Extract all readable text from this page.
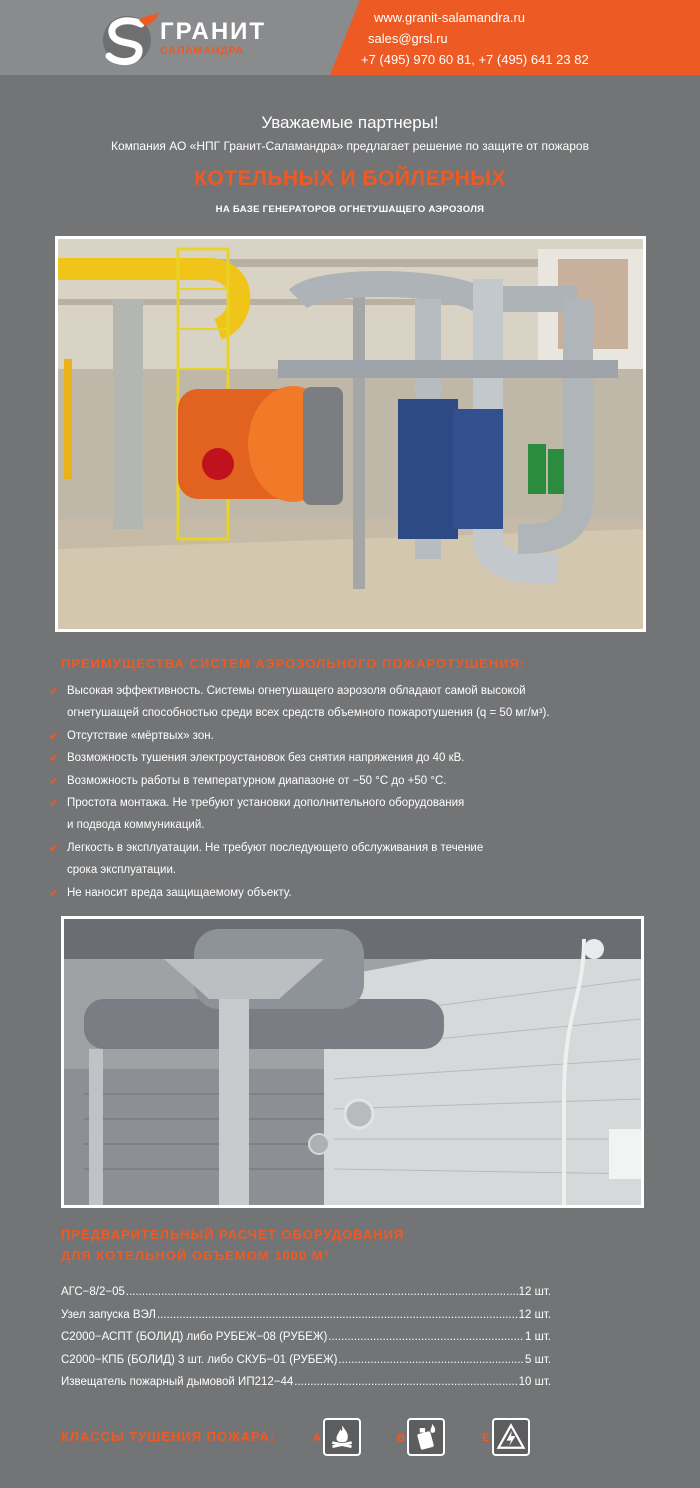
ГРАНИТ
САЛАМАНДРА
www.granit-salamandra.ru
sales@grsl.ru
+7 (495) 970 60 81, +7 (495) 641 23 82

Уважаемые партнеры!

Компания АО «НПГ Гранит-Саламандра» предлагает решение по защите от пожаров

КОТЕЛЬНЫХ И БОЙЛЕРНЫХ
НА БАЗЕ ГЕНЕРАТОРОВ ОГНЕТУШАЩЕГО АЭРОЗОЛЯ
ПРЕИМУЩЕСТВА СИСТЕМ АЭРОЗОЛЬНОГО ПОЖАРОТУШЕНИЯ:
✔ Высокая эффективность. Системы огнетушащего аэрозоля обладают самой высокой
огнетушащей способностью среди всех средств объемного пожаротушения (q = 50 мг/м³).
✔ Отсутствие «мёртвых» зон.
✔ Возможность тушения электроустановок без снятия напряжения до 40 кВ.
✔ Возможность работы в температурном диапазоне от −50 °С до +50 °С.
✔ Простота монтажа. Не требуют установки дополнительного оборудования
и подвода коммуникаций.
✔ Легкость в эксплуатации. Не требуют последующего обслуживания в течение
срока эксплуатации.
✔ Не наносит вреда защищаемому объекту.
ПРЕДВАРИТЕЛЬНЫЙ РАСЧЕТ ОБОРУДОВАНИЯ
ДЛЯ КОТЕЛЬНОЙ ОБЪЕМОМ 1000 М³
АГС−8/2−05 .....	12 шт.
Узел запуска ВЭЛ .....	12 шт.
С2000−АСПТ (БОЛИД) либо РУБЕЖ−08 (РУБЕЖ) .....	1 шт.
С2000−КПБ (БОЛИД) 3 шт. либо СКУБ−01 (РУБЕЖ) .....	5 шт.
Извещатель пожарный дымовой ИП212−44 .....	10 шт.
КЛАССЫ ТУШЕНИЯ ПОЖАРА:	А	В	Е
